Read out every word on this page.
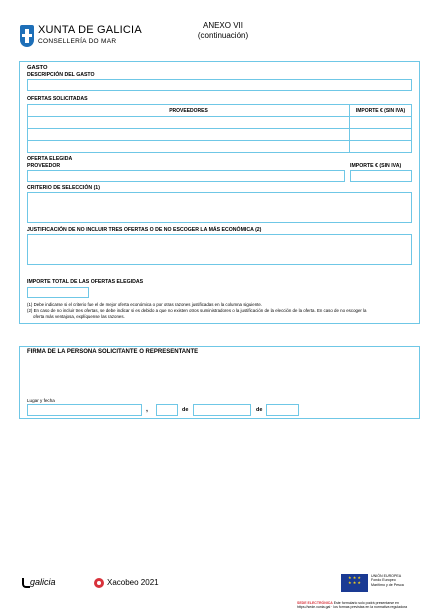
XUNTA DE GALICIA
CONSELLERÍA DO MAR
ANEXO VII
(continuación)
GASTO
DESCRIPCIÓN DEL GASTO
OFERTAS SOLICITADAS
PROVEEDORES	IMPORTE € (SIN IVA)

OFERTA ELEGIDA
PROVEEDOR	IMPORTE € (SIN IVA)
CRITERIO DE SELECCIÓN (1)
JUSTIFICACIÓN DE NO INCLUIR TRES OFERTAS O DE NO ESCOGER LA MÁS ECONÓMICA (2)
IMPORTE TOTAL DE LAS OFERTAS ELEGIDAS
(1) Debe indicarse si el criterio fue el de mejor oferta económica o por otras razones justificadas en la columna siguiente.
(2) En caso de no incluir tres ofertas, se debe indicar si es debido a que no existen otros suministradores o la justificación de la elección de la oferta. En caso de no escoger la
oferta más ventajosa, explíquense las razones.
FIRMA DE LA PERSONA SOLICITANTE O REPRESENTANTE
Lugar y fecha
,	de	de
galicia	Xacobeo 2021
★ ★ ★ ★ ★ ★
UNIÓN EUROPEA
Fondo Europeo
Marítimo y de Pesca
SEDE ELECTRÓNICA Este formulario solo podrá presentarse en
https://sede.xunta.gal · los formas previstas en la normativa reguladora
